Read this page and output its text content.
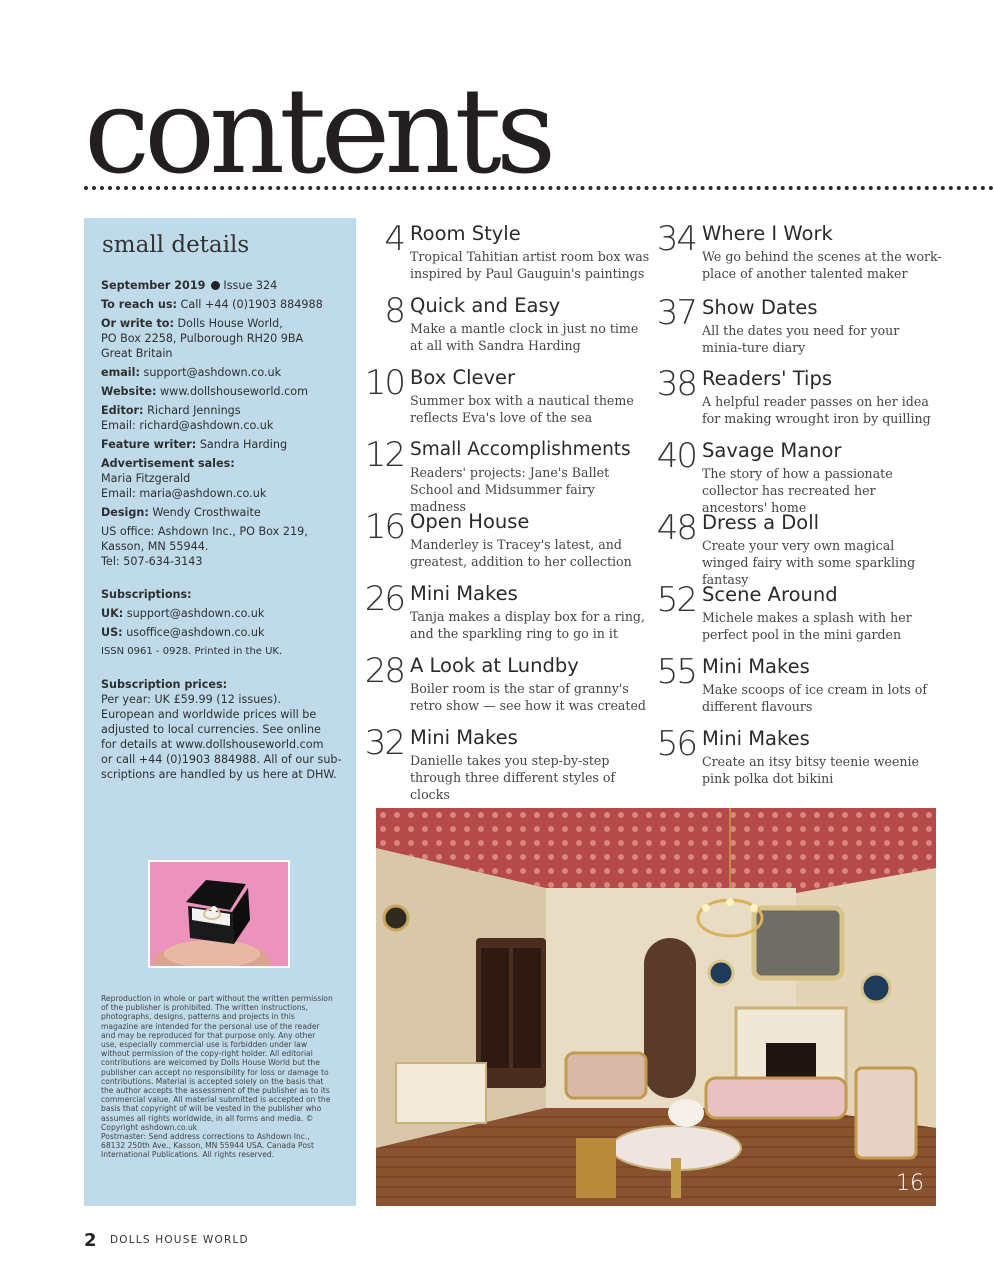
contents
small details
September 2019 Issue 324
To reach us: Call +44 (0)1903 884988
Or write to: Dolls House World,
PO Box 2258, Pulborough RH20 9BA
Great Britain
email: support@ashdown.co.uk
Website: www.dollshouseworld.com
Editor: Richard Jennings
Email: richard@ashdown.co.uk
Feature writer: Sandra Harding
Advertisement sales:
Maria Fitzgerald
Email: maria@ashdown.co.uk
Design: Wendy Crosthwaite
US office: Ashdown Inc., PO Box 219,
Kasson, MN 55944.
Tel: 507-634-3143
Subscriptions:
UK: support@ashdown.co.uk
US: usoffice@ashdown.co.uk
ISSN 0961 - 0928. Printed in the UK.
Subscription prices:
Per year: UK £59.99 (12 issues).
European and worldwide prices will be
adjusted to local currencies. See online
for details at www.dollshouseworld.com
or call +44 (0)1903 884988. All of our sub-
scriptions are handled by us here at DHW.
Reproduction in whole or part without the written permission of the publisher is prohibited. The written instructions, photographs, designs, patterns and projects in this magazine are intended for the personal use of the reader and may be reproduced for that purpose only. Any other use, especially commercial use is forbidden under law without permission of the copy-right holder. All editorial contributions are welcomed by Dolls House World but the publisher can accept no responsibility for loss or damage to contributions. Material is accepted solely on the basis that the author accepts the assessment of the publisher as to its commercial value. All material submitted is accepted on the basis that copyright of will be vested in the publisher who assumes all rights worldwide, in all forms and media. © Copyright ashdown.co.uk
Postmaster: Send address corrections to Ashdown Inc., 68132 250th Ave., Kasson, MN 55944 USA. Canada Post International Publications. All rights reserved.
4 Room Style
Tropical Tahitian artist room box was inspired by Paul Gauguin's paintings
8 Quick and Easy
Make a mantle clock in just no time at all with Sandra Harding
10 Box Clever
Summer box with a nautical theme reflects Eva's love of the sea
12 Small Accomplishments
Readers' projects: Jane's Ballet School and Midsummer fairy madness
16 Open House
Manderley is Tracey's latest, and greatest, addition to her collection
26 Mini Makes
Tanja makes a display box for a ring, and the sparkling ring to go in it
28 A Look at Lundby
Boiler room is the star of granny's retro show — see how it was created
32 Mini Makes
Danielle takes you step-by-step through three different styles of clocks
34 Where I Work
We go behind the scenes at the work-place of another talented maker
37 Show Dates
All the dates you need for your minia-ture diary
38 Readers' Tips
A helpful reader passes on her idea for making wrought iron by quilling
40 Savage Manor
The story of how a passionate collector has recreated her ancestors' home
48 Dress a Doll
Create your very own magical winged fairy with some sparkling fantasy
52 Scene Around
Michele makes a splash with her perfect pool in the mini garden
55 Mini Makes
Make scoops of ice cream in lots of different flavours
56 Mini Makes
Create an itsy bitsy teenie weenie pink polka dot bikini
16
2 DOLLS HOUSE WORLD
